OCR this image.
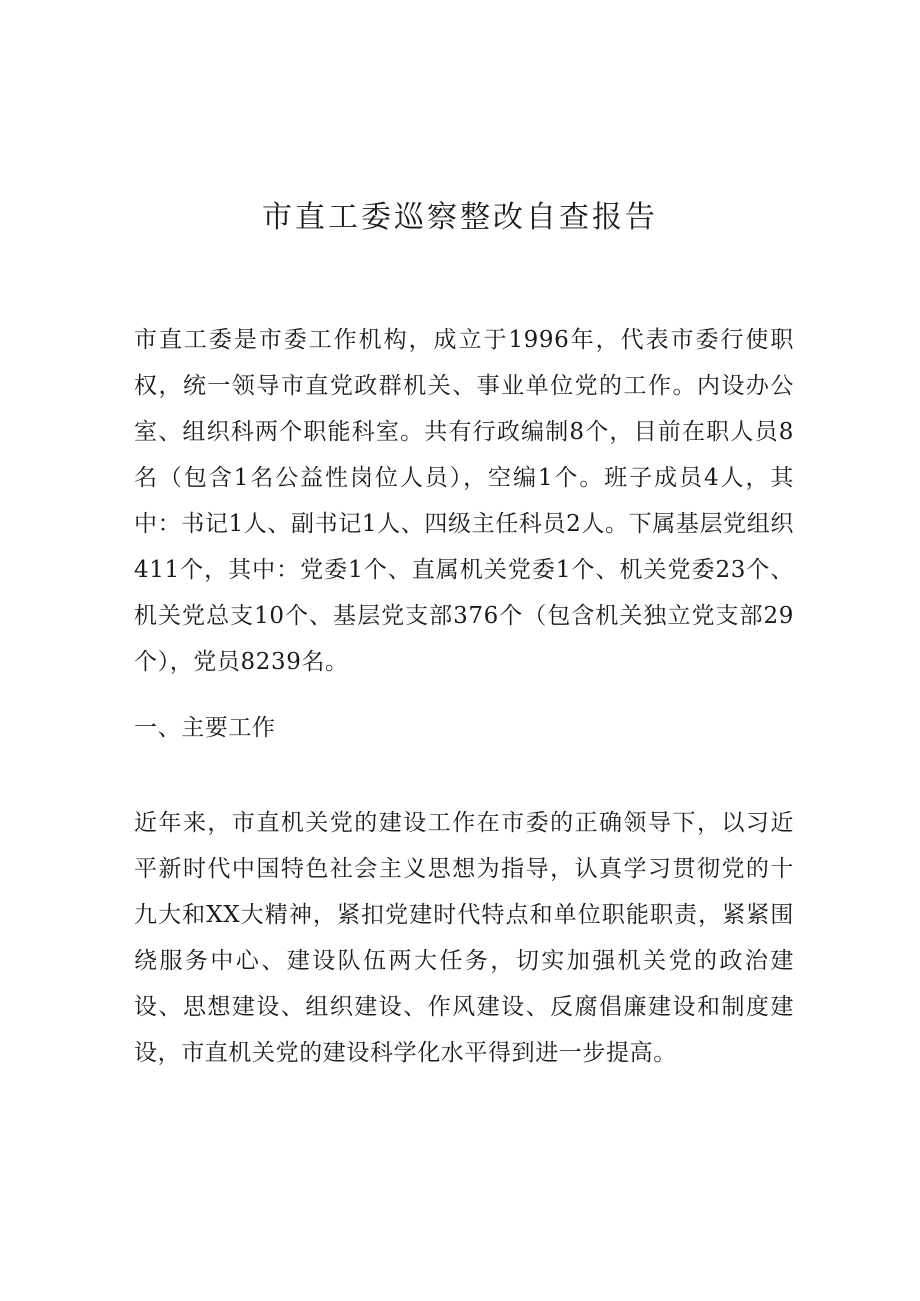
市直工委巡察整改自查报告

市直工委是市委工作机构，成立于1996年，代表市委行使职权，统一领导市直党政群机关、事业单位党的工作。内设办公室、组织科两个职能科室。共有行政编制8个，目前在职人员8名（包含1名公益性岗位人员），空编1个。班子成员4人，其中：书记1人、副书记1人、四级主任科员2人。下属基层党组织411个，其中：党委1个、直属机关党委1个、机关党委23个、机关党总支10个、基层党支部376个（包含机关独立党支部29个），党员8239名。

一、主要工作

近年来，市直机关党的建设工作在市委的正确领导下，以习近平新时代中国特色社会主义思想为指导，认真学习贯彻党的十九大和XX大精神，紧扣党建时代特点和单位职能职责，紧紧围绕服务中心、建设队伍两大任务，切实加强机关党的政治建设、思想建设、组织建设、作风建设、反腐倡廉建设和制度建设，市直机关党的建设科学化水平得到进一步提高。
